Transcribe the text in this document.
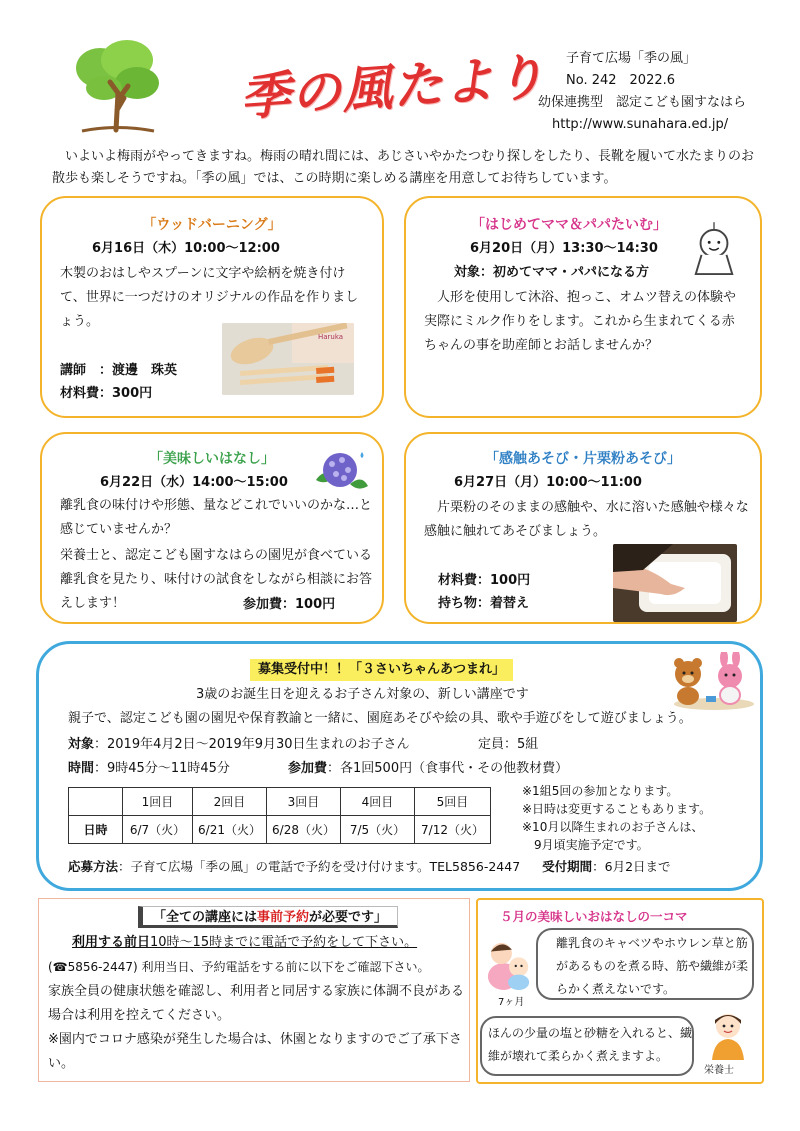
季の風たより	子育て広場「季の風」
No. 242　2022.6
幼保連携型　認定こども園すなはら
http://www.sunahara.ed.jp/
いよいよ梅雨がやってきますね。梅雨の晴れ間には、あじさいやかたつむり探しをしたり、長靴を履いて水たまりのお散歩も楽しそうですね。「季の風」では、この時期に楽しめる講座を用意してお待ちしています。
「ウッドバーニング」
6月16日（木）10:00～12:00
木製のおはしやスプーンに文字や絵柄を焼き付けて、世界に一つだけのオリジナルの作品を作りましょう。
Haruka
講師　：渡邊　珠英
材料費：300円
「はじめてママ＆パパたいむ」
6月20日（月）13:30～14:30
対象：初めてママ・パパになる方
人形を使用して沐浴、抱っこ、オムツ替えの体験や実際にミルク作りをします。これから生まれてくる赤ちゃんの事を助産師とお話しませんか？
「美味しいはなし」
6月22日（水）14:00～15:00
離乳食の味付けや形態、量などこれでいいのかな…と感じていませんか？
栄養士と、認定こども園すなはらの園児が食べている離乳食を見たり、味付けの試食をしながら相談にお答えします！	参加費：100円
「感触あそび・片栗粉あそび」
6月27日（月）10:00～11:00
片栗粉のそのままの感触や、水に溶いた感触や様々な感触に触れてあそびましょう。
材料費：100円
持ち物：着替え
募集受付中！！「３さいちゃんあつまれ」
3歳のお誕生日を迎えるお子さん対象の、新しい講座です
親子で、認定こども園の園児や保育教諭と一緒に、園庭あそびや絵の具、歌や手遊びをして遊びましょう。
対象：2019年4月2日～2019年9月30日生まれのお子さん	定員：5組
時間：9時45分～11時45分	参加費：各1回500円（食事代・その他教材費）
	1回目	2回目	3回目	4回目	5回目
日時	6/7（火）	6/21（火）	6/28（火）	7/5（火）	7/12（火）
※1組5回の参加となります。
※日時は変更することもあります。
※10月以降生まれのお子さんは、
　9月頃実施予定です。
応募方法：子育て広場「季の風」の電話で予約を受け付けます。TEL5856-2447 受付期間：6月2日まで
「全ての講座には事前予約が必要です」
利用する前日10時～15時までに電話で予約をして下さい。
(☎5856-2447) 利用当日、予約電話をする前に以下をご確認下さい。
家族全員の健康状態を確認し、利用者と同居する家族に体調不良がある場合は利用を控えてください。
※園内でコロナ感染が発生した場合は、休園となりますのでご了承下さい。
５月の美味しいおはなしの一コマ
離乳食のキャベツやホウレン草と筋があるものを煮る時、筋や繊維が柔らかく煮えないです。
7ヶ月
ほんの少量の塩と砂糖を入れると、繊維が壊れて柔らかく煮えますよ。
栄養士
